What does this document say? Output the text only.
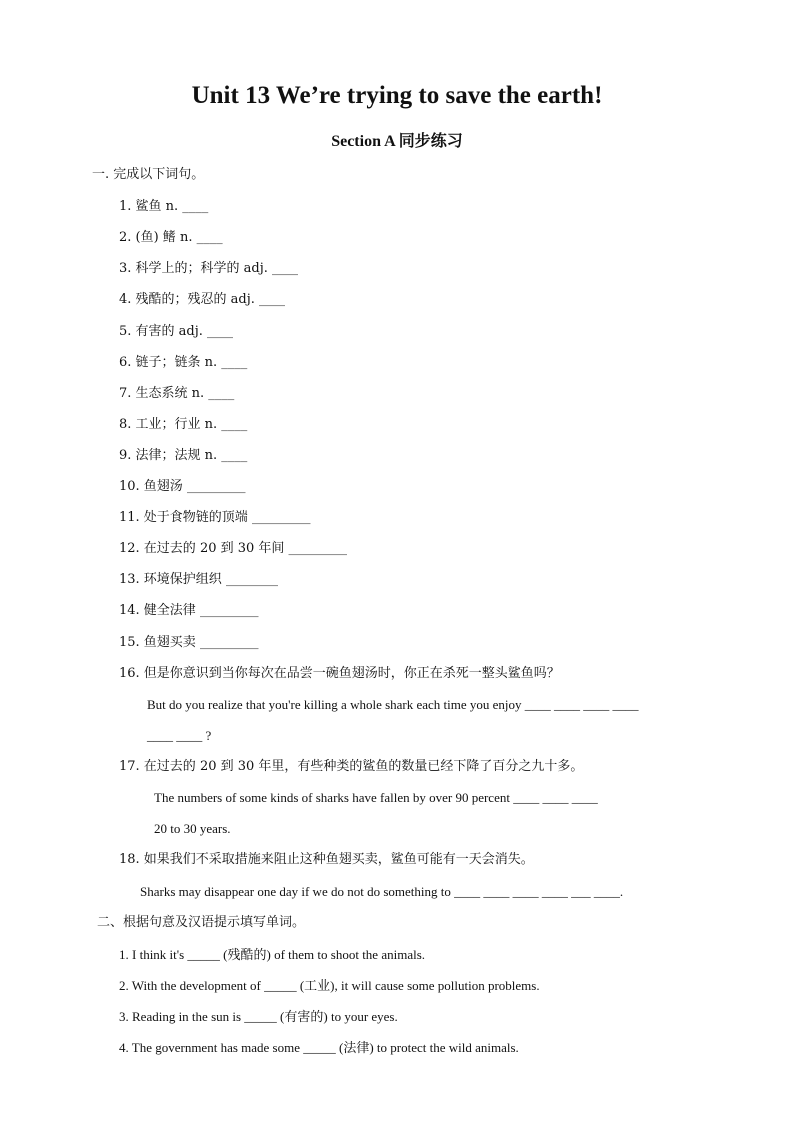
Unit 13 We’re trying to save the earth!
Section A 同步练习
一. 完成以下词句。
1. 鲨鱼 n. ____
2. (鱼) 鳍 n. ____
3. 科学上的；科学的 adj. ____
4. 残酷的；残忍的 adj. ____
5. 有害的 adj. ____
6. 链子；链条 n. ____
7. 生态系统 n. ____
8. 工业；行业 n. ____
9. 法律；法规 n. ____
10. 鱼翅汤 _________
11. 处于食物链的顶端 _________
12. 在过去的 20 到 30 年间 _________
13. 环境保护组织 ________
14. 健全法律 _________
15. 鱼翅买卖 _________
16. 但是你意识到当你每次在品尝一碗鱼翅汤时，你正在杀死一整头鲨鱼吗？
But do you realize that you're killing a whole shark each time you enjoy ____ ____ ____ ____
____ ____ ?
17. 在过去的 20 到 30 年里，有些种类的鲨鱼的数量已经下降了百分之九十多。
The numbers of some kinds of sharks have fallen by over 90 percent ____ ____ ____
20 to 30 years.
18. 如果我们不采取措施来阻止这种鱼翅买卖，鲨鱼可能有一天会消失。
Sharks may disappear one day if we do not do something to ____ ____ ____ ____ ___ ____.
二、根据句意及汉语提示填写单词。
1. I think it's _____ (残酷的) of them to shoot the animals.
2. With the development of _____ (工业), it will cause some pollution problems.
3. Reading in the sun is _____ (有害的) to your eyes.
4. The government has made some _____ (法律) to protect the wild animals.
